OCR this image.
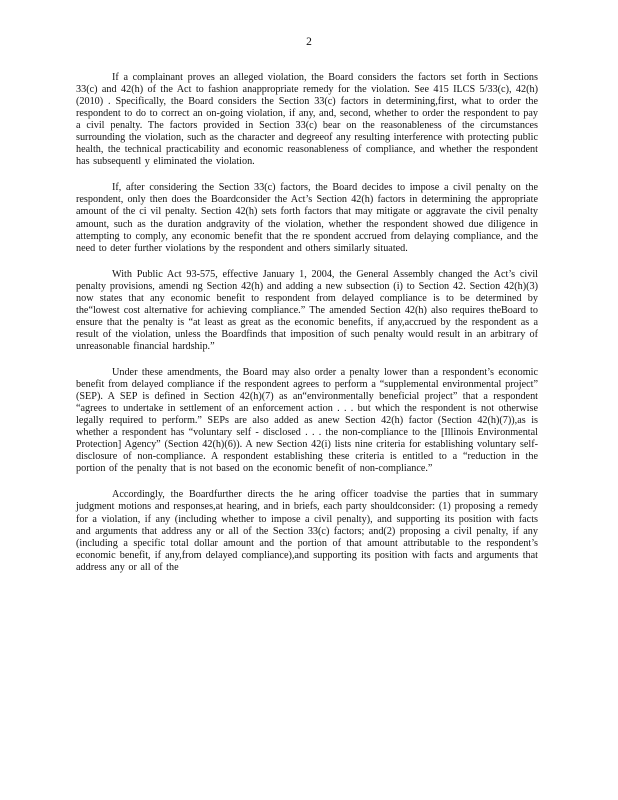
2

If a complainant proves an alleged violation, the Board considers the factors set forth in Sections 33(c) and 42(h) of the Act to fashion anappropriate remedy for the violation. See 415 ILCS 5/33(c), 42(h) (2010) . Specifically, the Board considers the Section 33(c) factors in determining,first, what to order the respondent to do to correct an on-going violation, if any, and, second, whether to order the respondent to pay a civil penalty. The factors provided in Section 33(c) bear on the reasonableness of the circumstances surrounding the violation, such as the character and degreeof any resulting interference with protecting public health, the technical practicability and economic reasonableness of compliance, and whether the respondent has subsequentl y eliminated the violation.

If, after considering the Section 33(c) factors, the Board decides to impose a civil penalty on the respondent, only then does the Boardconsider the Act’s Section 42(h) factors in determining the appropriate amount of the ci vil penalty. Section 42(h) sets forth factors that may mitigate or aggravate the civil penalty amount, such as the duration andgravity of the violation, whether the respondent showed due diligence in attempting to comply, any economic benefit that the re spondent accrued from delaying compliance, and the need to deter further violations by the respondent and others similarly situated.

With Public Act 93-575, effective January 1, 2004, the General Assembly changed the Act’s civil penalty provisions, amendi ng Section 42(h) and adding a new subsection (i) to Section 42. Section 42(h)(3) now states that any economic benefit to respondent from delayed compliance is to be determined by the“lowest cost alternative for achieving compliance.” The amended Section 42(h) also requires theBoard to ensure that the penalty is “at least as great as the economic benefits, if any,accrued by the respondent as a result of the violation, unless the Boardfinds that imposition of such penalty would result in an arbitrary of unreasonable financial hardship.”

Under these amendments, the Board may also order a penalty lower than a respondent’s economic benefit from delayed compliance if the respondent agrees to perform a “supplemental environmental project” (SEP). A SEP is defined in Section 42(h)(7) as an“environmentally beneficial project” that a respondent “agrees to undertake in settlement of an enforcement action . . . but which the respondent is not otherwise legally required to perform.” SEPs are also added as anew Section 42(h) factor (Section 42(h)(7)),as is whether a respondent has “voluntary self - disclosed . . . the non-compliance to the [Illinois Environmental Protection] Agency” (Section 42(h)(6)). A new Section 42(i) lists nine criteria for establishing voluntary self-disclosure of non-compliance. A respondent establishing these criteria is entitled to a “reduction in the portion of the penalty that is not based on the economic benefit of non-compliance.”

Accordingly, the Boardfurther directs the he aring officer toadvise the parties that in summary judgment motions and responses,at hearing, and in briefs, each party shouldconsider: (1) proposing a remedy for a violation, if any (including whether to impose a civil penalty), and supporting its position with facts and arguments that address any or all of the Section 33(c) factors; and(2) proposing a civil penalty, if any (including a specific total dollar amount and the portion of that amount attributable to the respondent’s economic benefit, if any,from delayed compliance),and supporting its position with facts and arguments that address any or all of the
